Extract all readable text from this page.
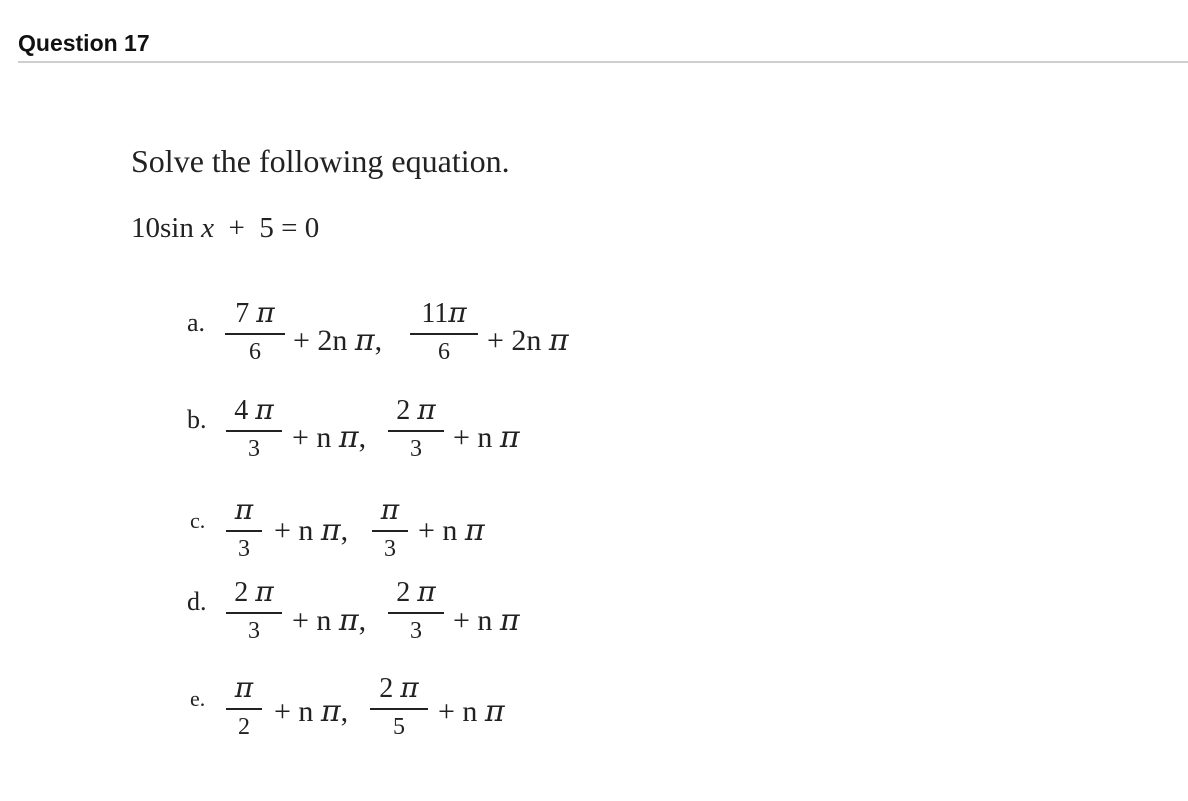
Question 17
Solve the following equation.
10sin x + 5 = 0
a.	7 π
6	+ 2n π,
11π
6	+ 2n π
b. 4 π
3	+ n π,
2 π
3	+ n π
c.	π
3
+ n π,
π
3
+ n π
d. 2 π
3	+ n π,
2 π
3	+ n π
e.	π
2 + n π,
2 π
5	+ n π
